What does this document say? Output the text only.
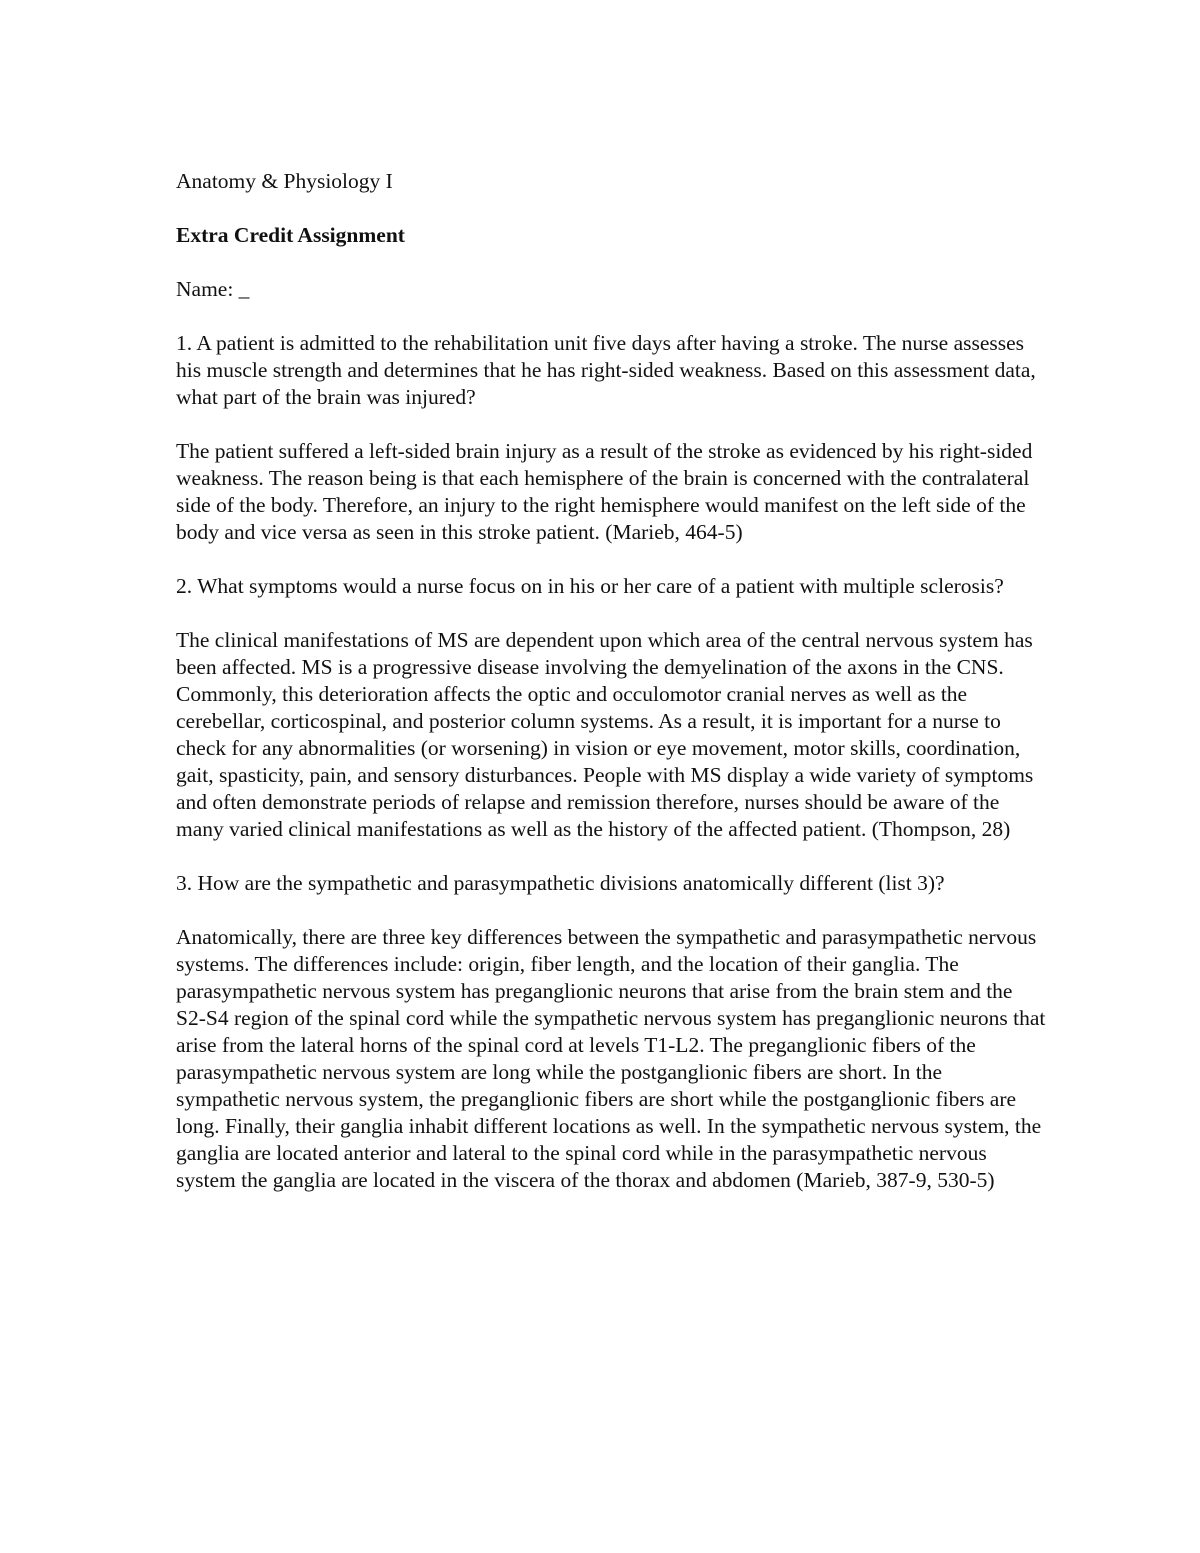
Anatomy & Physiology I

Extra Credit Assignment

Name: _

1. A patient is admitted to the rehabilitation unit five days after having a stroke. The nurse assesses his muscle strength and determines that he has right-sided weakness. Based on this assessment data, what part of the brain was injured?

The patient suffered a left-sided brain injury as a result of the stroke as evidenced by his right-sided weakness. The reason being is that each hemisphere of the brain is concerned with the contralateral side of the body. Therefore, an injury to the right hemisphere would manifest on the left side of the body and vice versa as seen in this stroke patient. (Marieb, 464-5)

2. What symptoms would a nurse focus on in his or her care of a patient with multiple sclerosis?

The clinical manifestations of MS are dependent upon which area of the central nervous system has been affected. MS is a progressive disease involving the demyelination of the axons in the CNS. Commonly, this deterioration affects the optic and occulomotor cranial nerves as well as the cerebellar, corticospinal, and posterior column systems. As a result, it is important for a nurse to check for any abnormalities (or worsening) in vision or eye movement, motor skills, coordination, gait, spasticity, pain, and sensory disturbances. People with MS display a wide variety of symptoms and often demonstrate periods of relapse and remission therefore, nurses should be aware of the many varied clinical manifestations as well as the history of the affected patient. (Thompson, 28)

3. How are the sympathetic and parasympathetic divisions anatomically different (list 3)?

Anatomically, there are three key differences between the sympathetic and parasympathetic nervous systems. The differences include: origin, fiber length, and the location of their ganglia. The parasympathetic nervous system has preganglionic neurons that arise from the brain stem and the S2-S4 region of the spinal cord while the sympathetic nervous system has preganglionic neurons that arise from the lateral horns of the spinal cord at levels T1-L2. The preganglionic fibers of the parasympathetic nervous system are long while the postganglionic fibers are short. In the sympathetic nervous system, the preganglionic fibers are short while the postganglionic fibers are long. Finally, their ganglia inhabit different locations as well. In the sympathetic nervous system, the ganglia are located anterior and lateral to the spinal cord while in the parasympathetic nervous system the ganglia are located in the viscera of the thorax and abdomen (Marieb, 387-9, 530-5)
